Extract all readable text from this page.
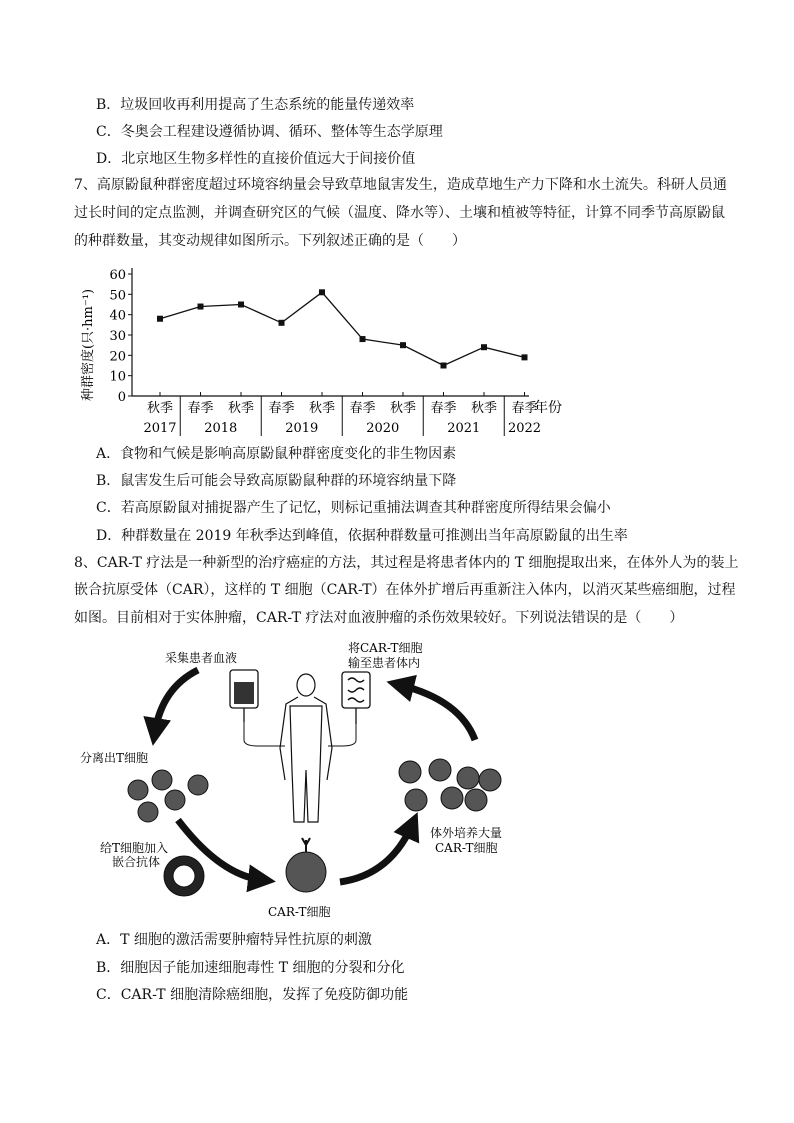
B．垃圾回收再利用提高了生态系统的能量传递效率
C．冬奥会工程建设遵循协调、循环、整体等生态学原理
D．北京地区生物多样性的直接价值远大于间接价值
7、高原鼢鼠种群密度超过环境容纳量会导致草地鼠害发生，造成草地生产力下降和水土流失。科研人员通
过长时间的定点监测，并调查研究区的气候（温度、降水等）、土壤和植被等特征，计算不同季节高原鼢鼠
的种群数量，其变动规律如图所示。下列叙述正确的是（　　）
种群密度(只·hm⁻¹) 0
10
20
30
40
50
60
秋季 春季 秋季 春季 秋季 春季 秋季 春季 秋季 春季
2017 2018	2019	2020	2021 2022
年份
A．食物和气候是影响高原鼢鼠种群密度变化的非生物因素
B．鼠害发生后可能会导致高原鼢鼠种群的环境容纳量下降
C．若高原鼢鼠对捕捉器产生了记忆，则标记重捕法调查其种群密度所得结果会偏小
D．种群数量在 2019 年秋季达到峰值，依据种群数量可推测出当年高原鼢鼠的出生率
8、CAR-T 疗法是一种新型的治疗癌症的方法，其过程是将患者体内的 T 细胞提取出来，在体外人为的装上
嵌合抗原受体（CAR），这样的 T 细胞（CAR-T）在体外扩增后再重新注入体内，以消灭某些癌细胞，过程
如图。目前相对于实体肿瘤，CAR-T 疗法对血液肿瘤的杀伤效果较好。下列说法错误的是（　　）
采集患者血液
将CAR-T细胞
输至患者体内
分离出T细胞
给T细胞加入
嵌合抗体
CAR-T细胞
体外培养大量
CAR-T细胞
A．T 细胞的激活需要肿瘤特异性抗原的刺激
B．细胞因子能加速细胞毒性 T 细胞的分裂和分化
C．CAR-T 细胞清除癌细胞，发挥了免疫防御功能
